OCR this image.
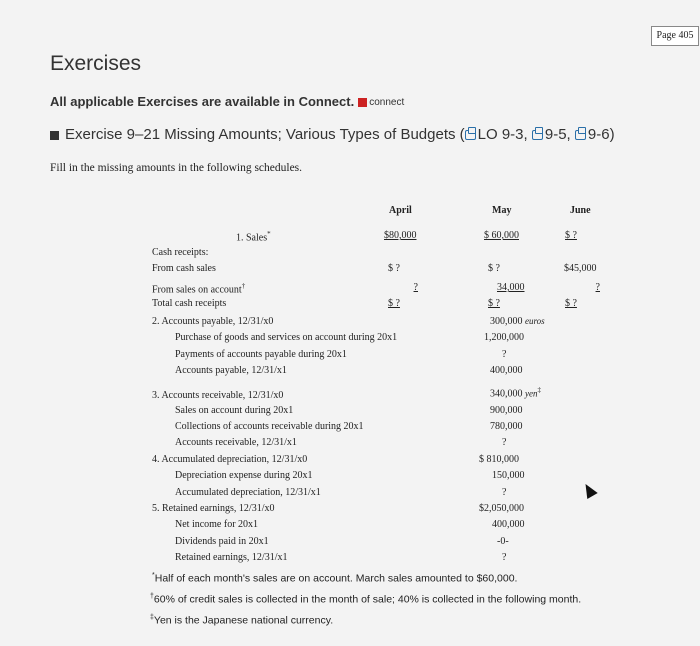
Page 405
Exercises
All applicable Exercises are available in Connect. connect
Exercise 9–21 Missing Amounts; Various Types of Budgets ( LO 9-3, 9-5, 9-6)
Fill in the missing amounts in the following schedules.
April	May	June
1. Sales*	$80,000	$ 60,000	$ ?
Cash receipts:
From cash sales	$ ?	$ ?	$45,000
From sales on account†	?	34,000	?
Total cash receipts	$ ?	$ ?	$ ?
2. Accounts payable, 12/31/x0	300,000 euros
Purchase of goods and services on account during 20x1	1,200,000
Payments of accounts payable during 20x1	?
Accounts payable, 12/31/x1	400,000
3. Accounts receivable, 12/31/x0	340,000 yen‡
Sales on account during 20x1	900,000
Collections of accounts receivable during 20x1	780,000
Accounts receivable, 12/31/x1	?
4. Accumulated depreciation, 12/31/x0	$ 810,000
Depreciation expense during 20x1	150,000
Accumulated depreciation, 12/31/x1	?
5. Retained earnings, 12/31/x0	$2,050,000
Net income for 20x1	400,000
Dividends paid in 20x1	-0-
Retained earnings, 12/31/x1	?
*Half of each month's sales are on account. March sales amounted to $60,000.
†60% of credit sales is collected in the month of sale; 40% is collected in the following month.
‡Yen is the Japanese national currency.
